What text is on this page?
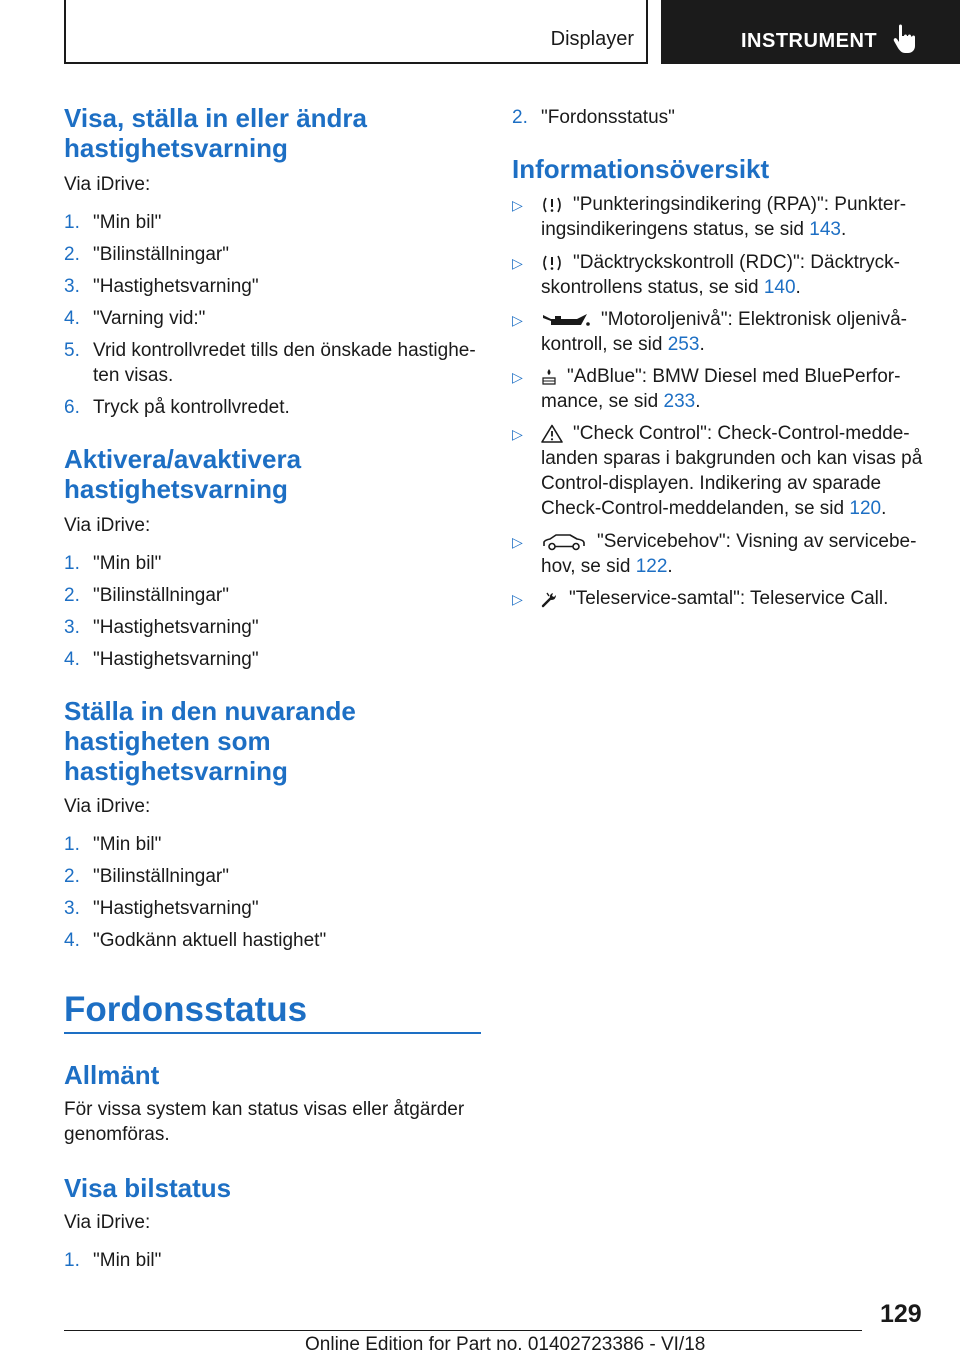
Displayer	INSTRUMENT
Visa, ställa in eller ändra
hastighetsvarning

Via iDrive:

1. "Min bil"
2. "Bilinställningar"
3. "Hastighetsvarning"
4. "Varning vid:"
5. Vrid kontrollvredet tills den önskade hastighe-
ten visas.
6. Tryck på kontrollvredet.
Aktivera/avaktivera
hastighetsvarning

Via iDrive:

1. "Min bil"
2. "Bilinställningar"
3. "Hastighetsvarning"
4. "Hastighetsvarning"
Ställa in den nuvarande
hastigheten som
hastighetsvarning

Via iDrive:

1. "Min bil"
2. "Bilinställningar"
3. "Hastighetsvarning"
4. "Godkänn aktuell hastighet"
Fordonsstatus
Allmänt

För vissa system kan status visas eller åtgärder
genomföras.

Visa bilstatus

Via iDrive:

1. "Min bil"
2. "Fordonsstatus"
Informationsöversikt
▷	"Punkteringsindikering (RPA)": Punkter-
ingsindikeringens status, se sid 143.
▷	"Däcktryckskontroll (RDC)": Däcktryck-
skontrollens status, se sid 140.
▷	"Motoroljenivå": Elektronisk oljenivå-
kontroll, se sid 253.
▷	"AdBlue": BMW Diesel med BluePerfor-
mance, se sid 233.
▷	"Check Control": Check-Control-medde-
landen sparas i bakgrunden och kan visas på
Control-displayen. Indikering av sparade
Check-Control-meddelanden, se sid 120.
▷	"Servicebehov": Visning av servicebe-
hov, se sid 122.
▷	"Teleservice-samtal": Teleservice Call.
129
Online Edition for Part no. 01402723386 - VI/18
